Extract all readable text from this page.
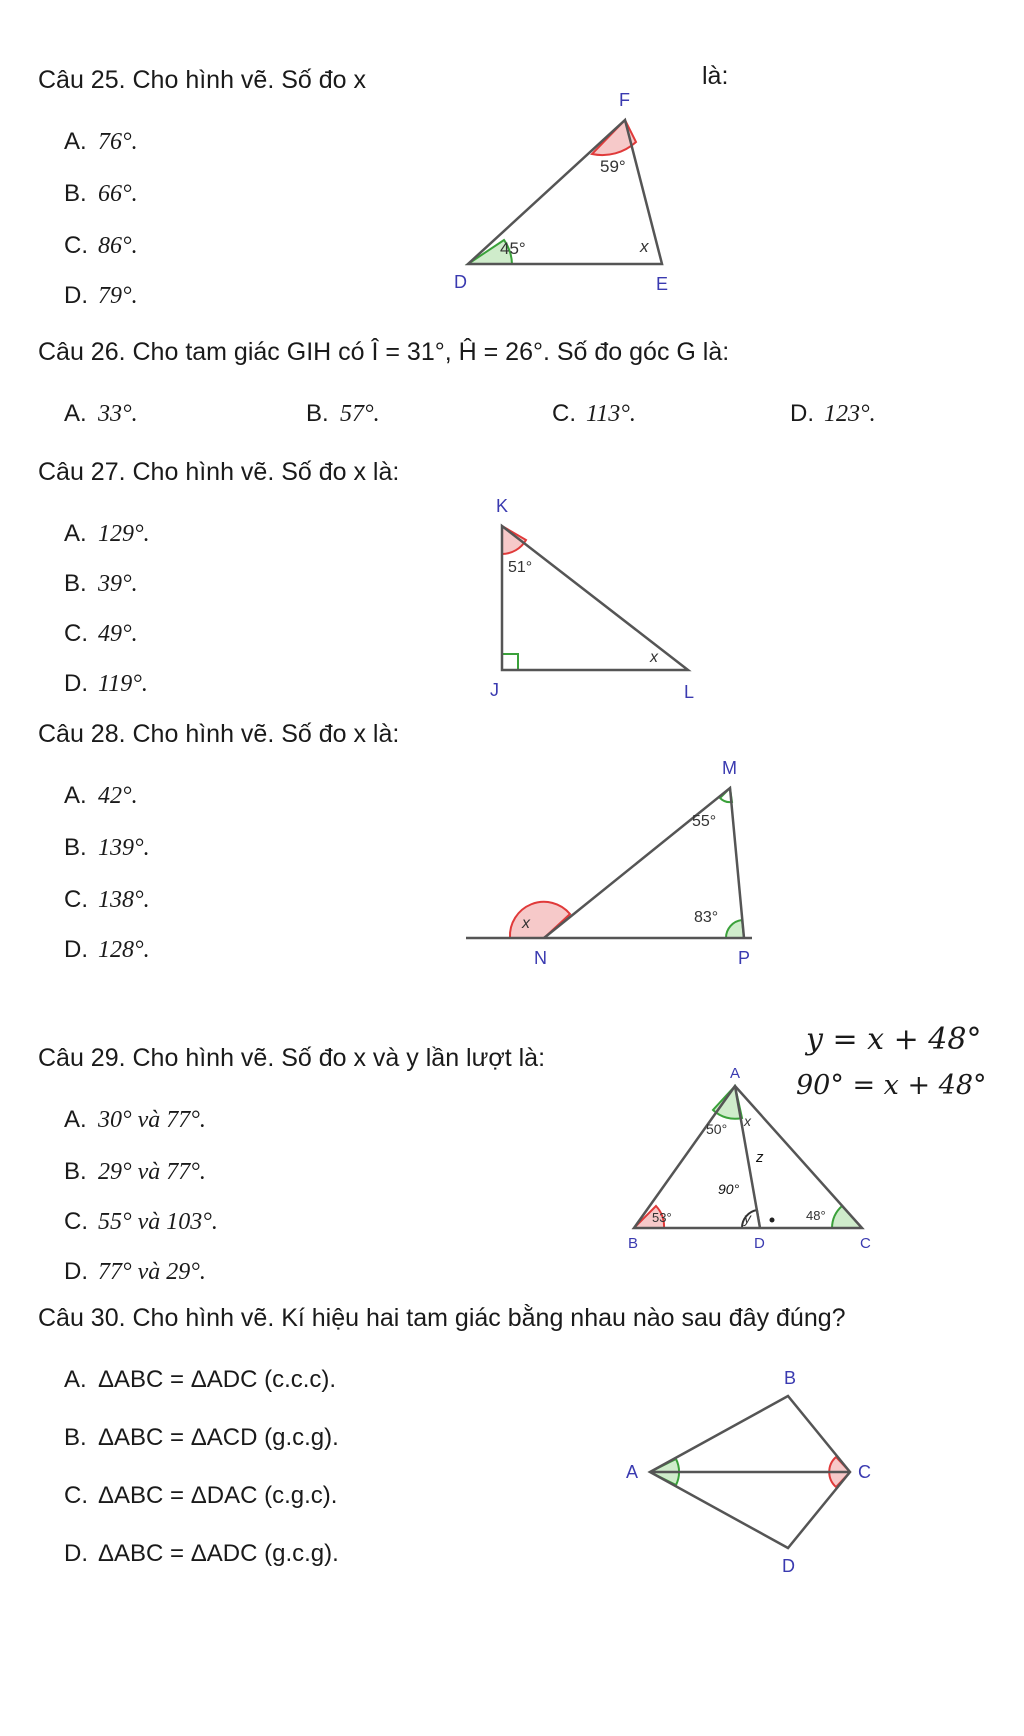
Câu 25. Cho hình vẽ. Số đo x	là:
A. 76°.
B. 66°.
C. 86°.
D. 79°.
F
D	E
59°
45°	x
Câu 26. Cho tam giác GIH có Î = 31°, Ĥ = 26°. Số đo góc G là:
A. 33°.	B. 57°.	C. 113°.	D. 123°.
Câu 27. Cho hình vẽ. Số đo x là:
A. 129°.
B. 39°.
C. 49°.
D. 119°.
K
J	L
51°
x
Câu 28. Cho hình vẽ. Số đo x là:
A. 42°.
B. 139°.
C. 138°.
D. 128°.
M
N	P
55°
83°
x
Câu 29. Cho hình vẽ. Số đo x và y lần lượt là:
y = x + 48°
90° = x + 48°
A. 30° và 77°.
B. 29° và 77°.
C. 55° và 103°.
D. 77° và 29°.
A
B	D	C
50° x
z
90°
y
53°	48°
Câu 30. Cho hình vẽ. Kí hiệu hai tam giác bằng nhau nào sau đây đúng?
A. ΔABC = ΔADC (c.c.c).
B. ΔABC = ΔACD (g.c.g).
C. ΔABC = ΔDAC (c.g.c).
D. ΔABC = ΔADC (g.c.g).
B
A	C
D
